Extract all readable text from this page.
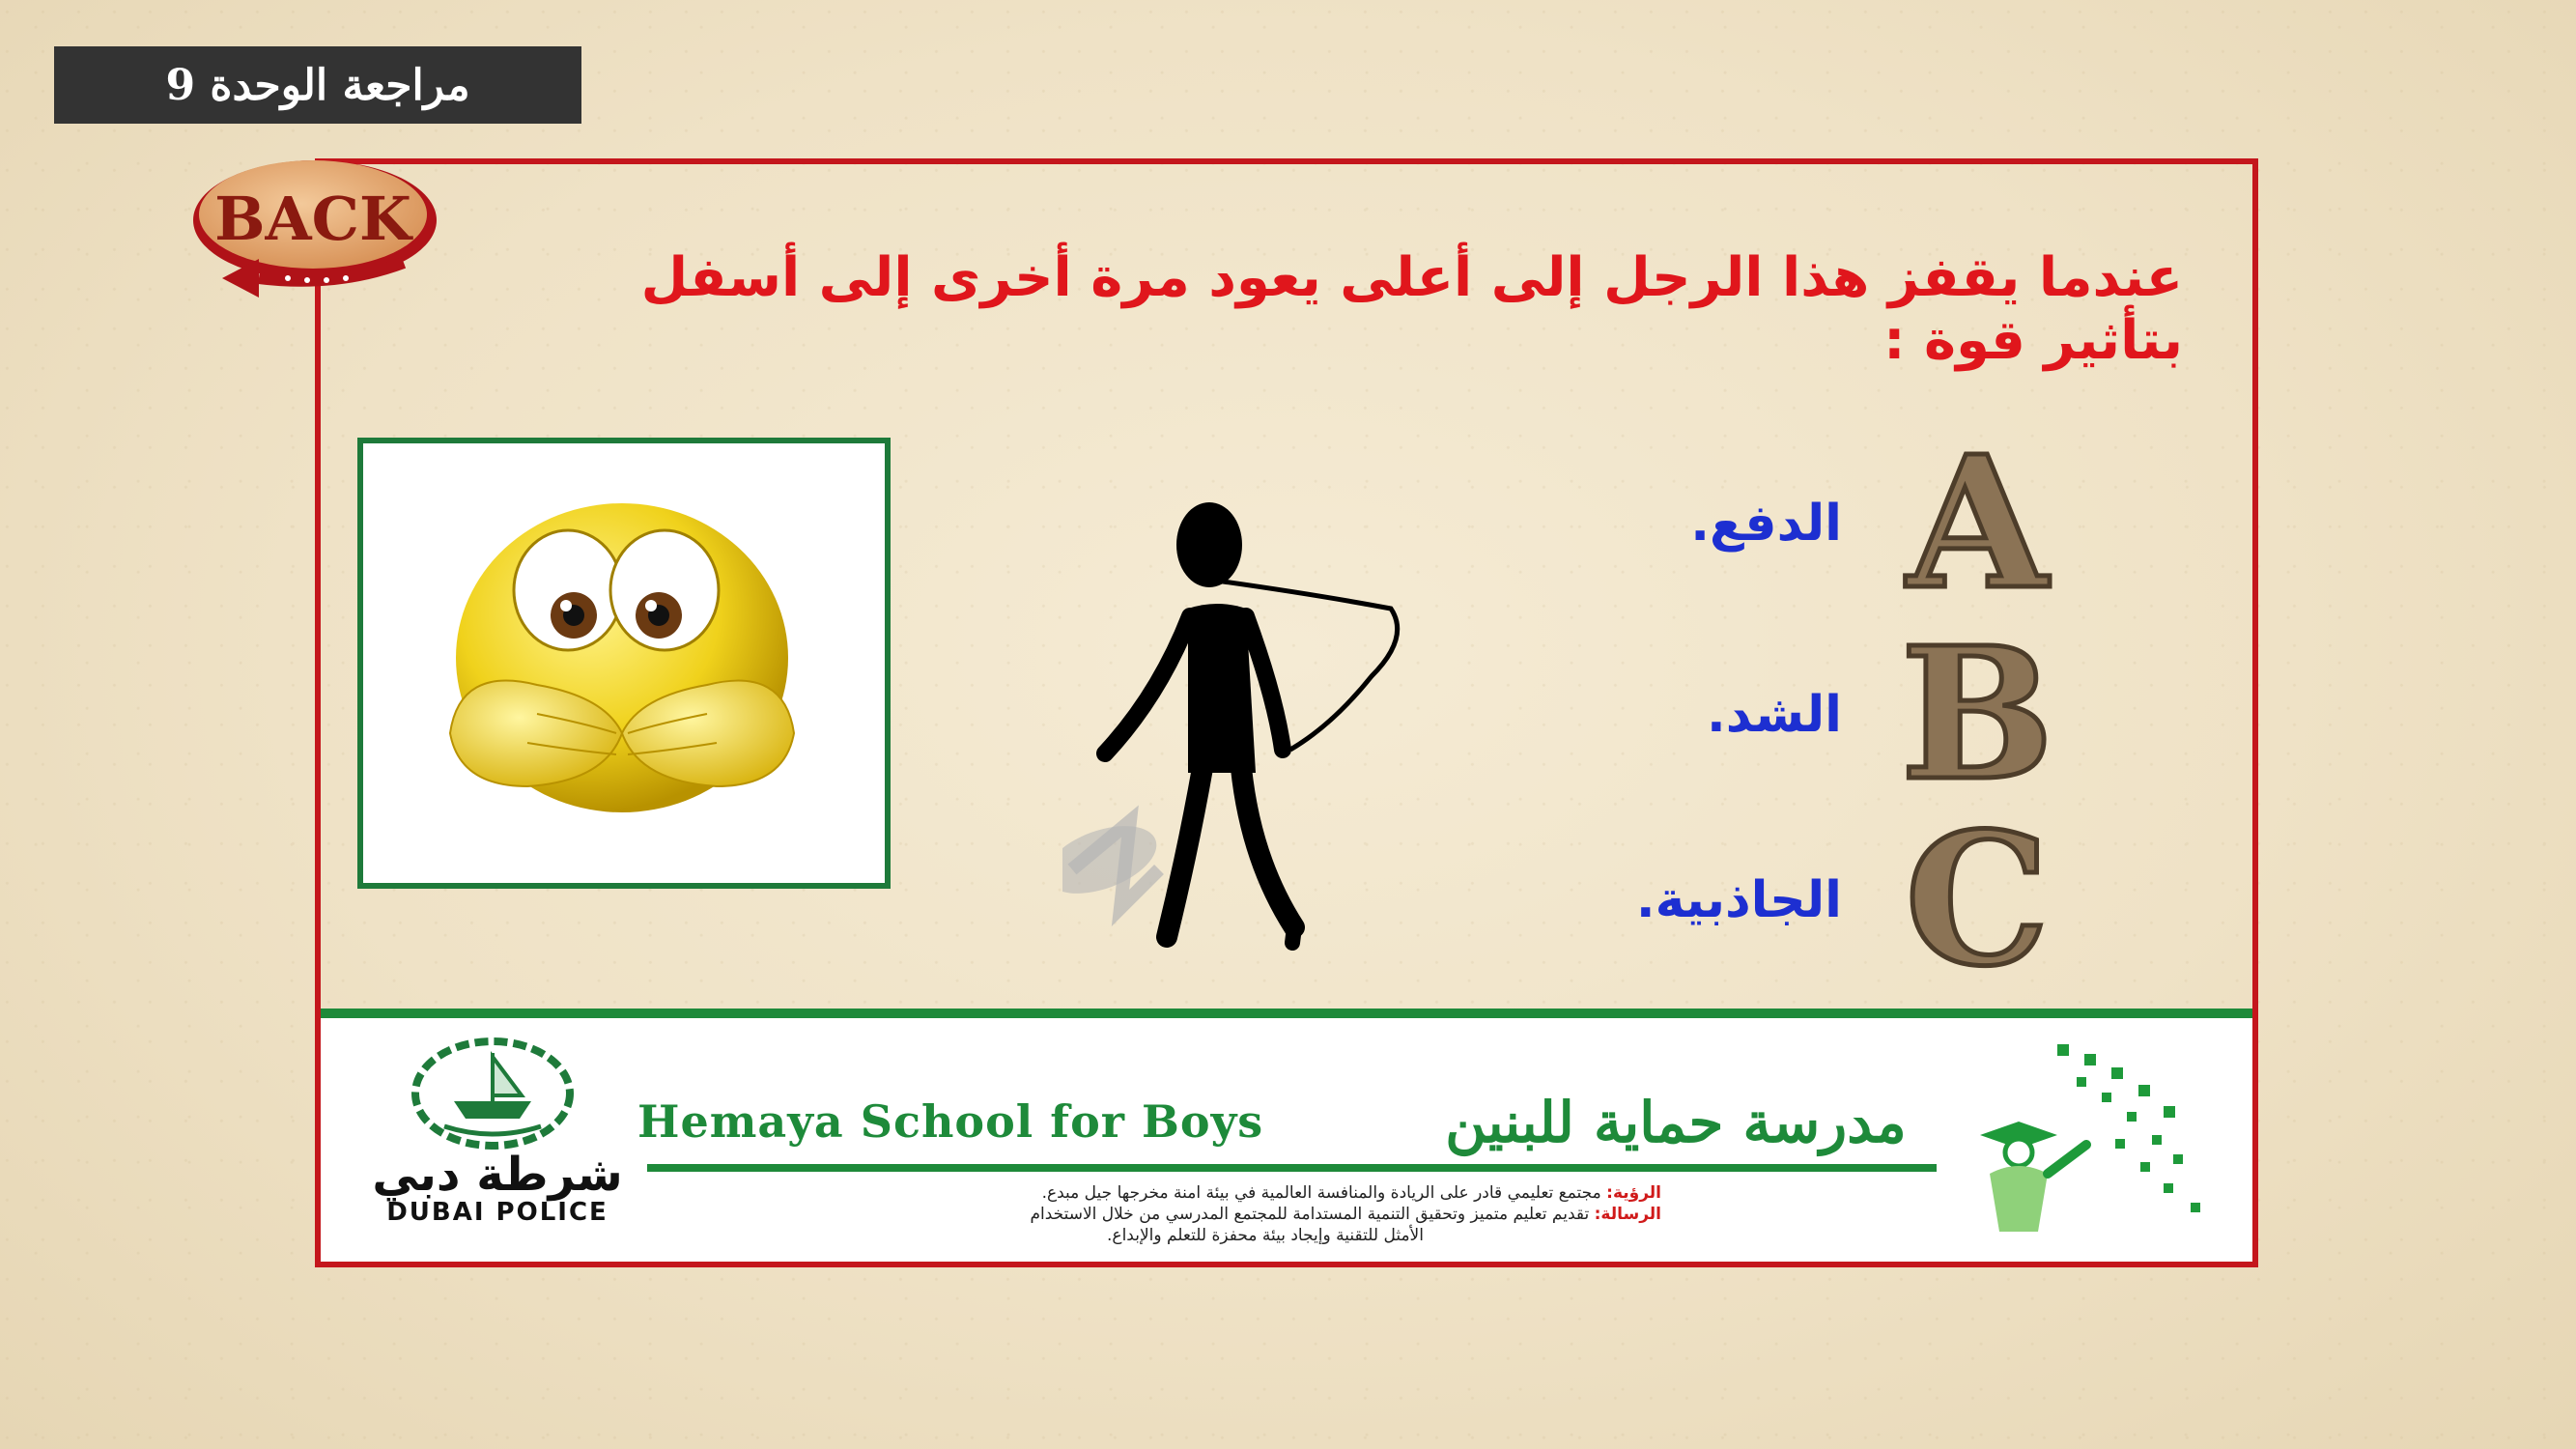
مراجعة الوحدة 9
BACK
عندما يقفز هذا الرجل إلى أعلى يعود مرة أخرى إلى أسفل بتأثير قوة :
A
الدفع.
B
الشد.
C
الجاذبية.
شرطة دبي
DUBAI POLICE
Hemaya School for Boys	مدرسة حماية للبنين
الرؤية: مجتمع تعليمي قادر على الريادة والمنافسة العالمية في بيئة امنة مخرجها جيل مبدع.
الرسالة: تقديم تعليم متميز وتحقيق التنمية المستدامة للمجتمع المدرسي من خلال الاستخدام
الأمثل للتقنية وإيجاد بيئة محفزة للتعلم والإبداع.
